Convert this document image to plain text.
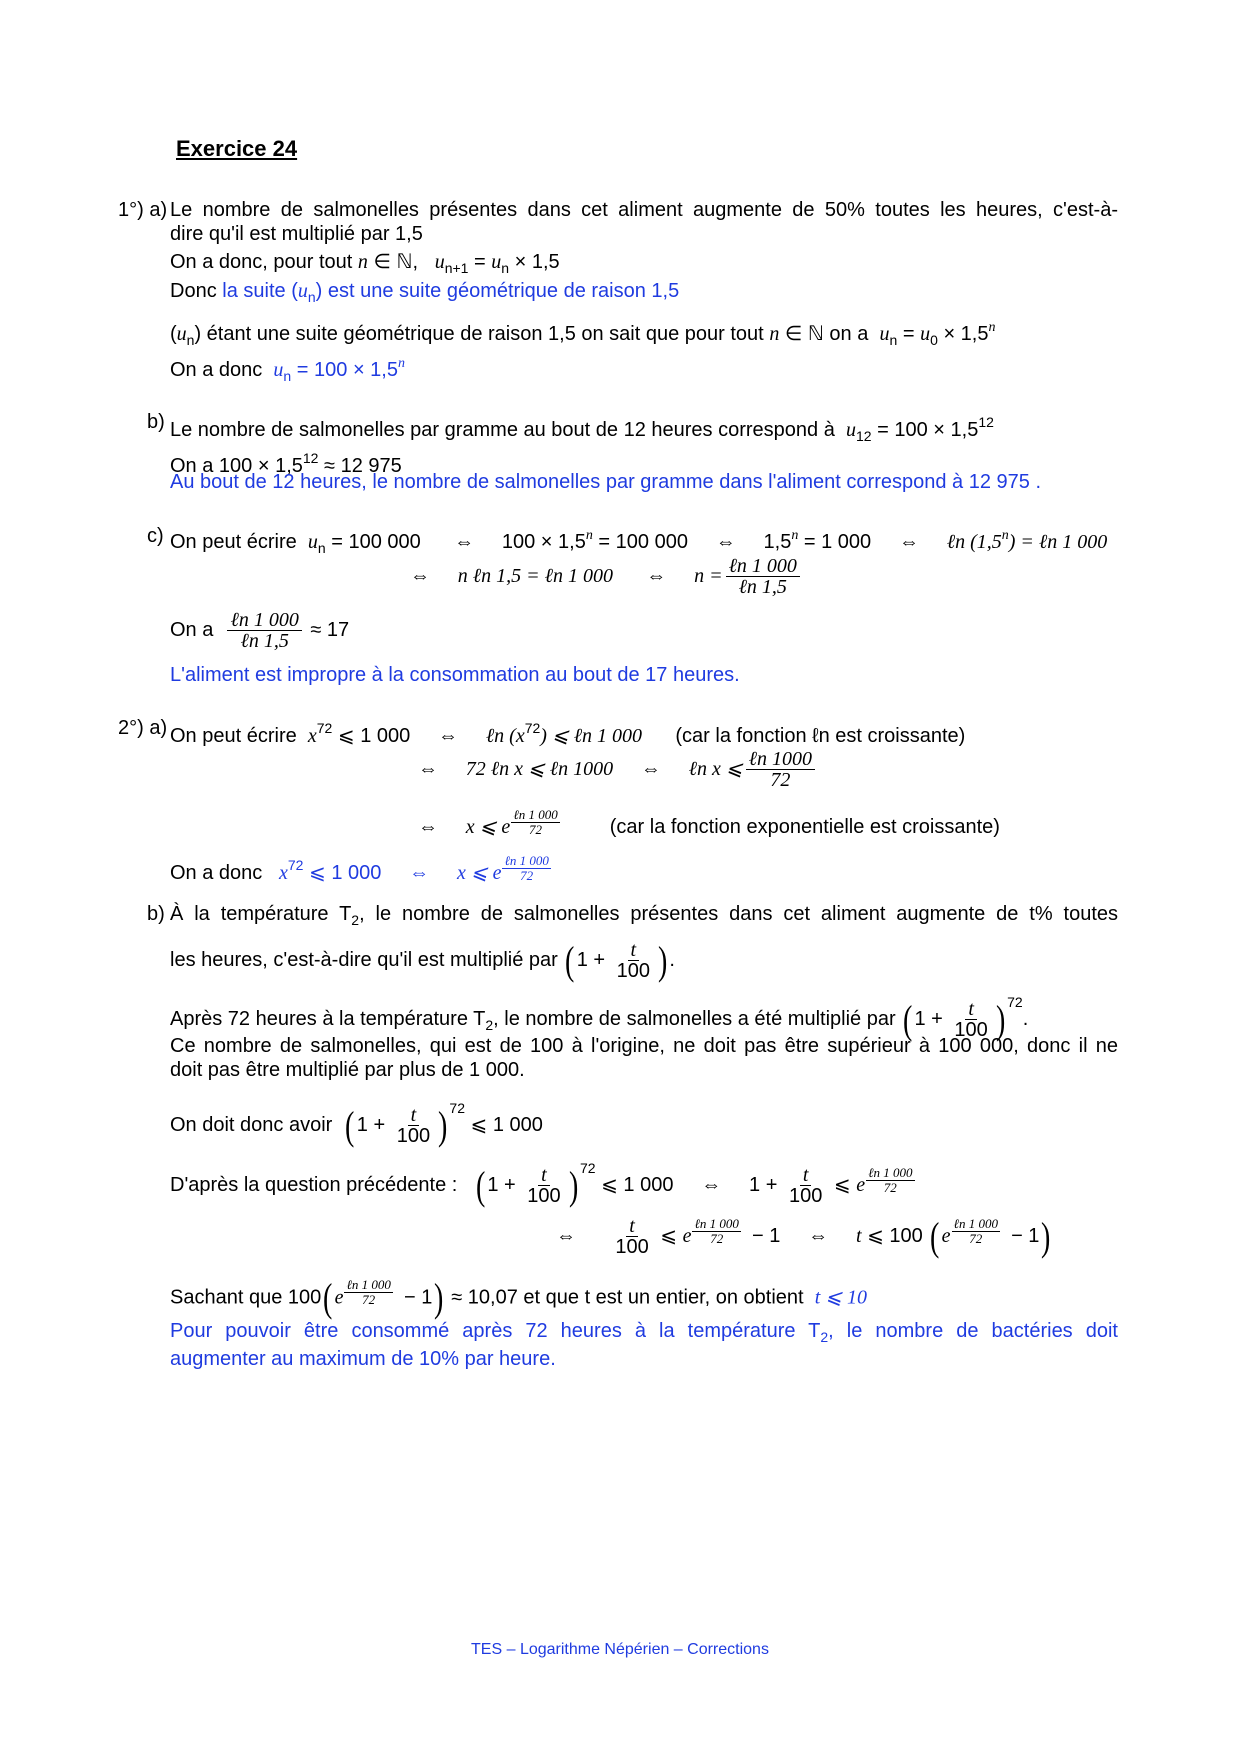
Exercice 24
1°) a) Le nombre de salmonelles présentes dans cet aliment augmente de 50% toutes les heures, c'est-à-
dire qu'il est multiplié par 1,5
On a donc, pour tout n ∈ ℕ,   $u_{n+1} = u_n \times 1,5$
Donc la suite $(u_n)$ est une suite géométrique de raison 1,5
$(u_n)$ étant une suite géométrique de raison 1,5 on sait que pour tout n ∈ ℕ on a $u_n = u_0 \times 1,5^n$
On a donc $u_n = 100 \times 1,5^n$
b) Le nombre de salmonelles par gramme au bout de 12 heures correspond à $u_{12} = 100 \times 1,5^{12}$
On a $100 \times 1,5^{12} \approx 12$ 975
Au bout de 12 heures, le nombre de salmonelles par gramme dans l'aliment correspond à 12 975 .
c) On peut écrire $u_n = 100$ 000      ⇔     $100 \times 1,5^n = 100$ 000     ⇔     $1,5^n = 1$ 000     ⇔     ℓn $(1,5^n)$ = ℓn 1 000
⇔     n ℓn 1,5 = ℓn 1 000      ⇔     $n = \frac{\text{ℓn 1 000}}{\text{ℓn 1,5}}$
On a $\frac{\text{ℓn 1 000}}{\text{ℓn 1,5}} \approx 17$
L'aliment est impropre à la consommation au bout de 17 heures.
2°) a) On peut écrire $x^{72}$ ⩽ 1 000     ⇔     ℓn $(x^{72})$ ⩽ ℓn 1 000 (car la fonction ℓn est croissante)
⇔     72 ℓn x ⩽ ℓn 1000     ⇔     ℓn x ⩽ $\frac{\text{ℓn 1000}}{72}$
⇔     x ⩽ e
ℓn 1 000
72	(car la fonction exponentielle est croissante)
On a donc $x^{72}$ ⩽ 1 000     ⇔     x ⩽ e
ℓn 1 000
72
b) À la température $T_2$, le nombre de salmonelles présentes dans cet aliment augmente de t% toutes
les heures, c'est-à-dire qu'il est multiplié par ($1 + \frac{t}{100}$ ).
Après 72 heures à la température $T_2$, le nombre de salmonelles a été multiplié par ($1 + \frac{t}{100}$ ) $^{72}$.
Ce nombre de salmonelles, qui est de 100 à l'origine, ne doit pas être supérieur à 100 000, donc il ne
doit pas être multiplié par plus de 1 000.
On doit donc avoir ($1 + \frac{t}{100}$ ) $^{72}$ ⩽ 1 000
D'après la question précédente : ($1 + \frac{t}{100}$ ) $^{72}$ ⩽ 1 000     ⇔     $1 + \frac{t}{100}$ ⩽ e
ℓn 1 000
72
⇔ $\frac{t}{100}$ ⩽ e
ℓn 1 000
72 − 1     ⇔     t ⩽ 100 (e
ℓn 1 000
72 − 1)
Sachant que 100(e
ℓn 1 000
72 − 1) ≈ 10,07 et que t est un entier, on obtient t ⩽ 10
Pour pouvoir être consommé après 72 heures à la température $T_2$, le nombre de bactéries doit
augmenter au maximum de 10% par heure.
TES – Logarithme Népérien – Corrections
